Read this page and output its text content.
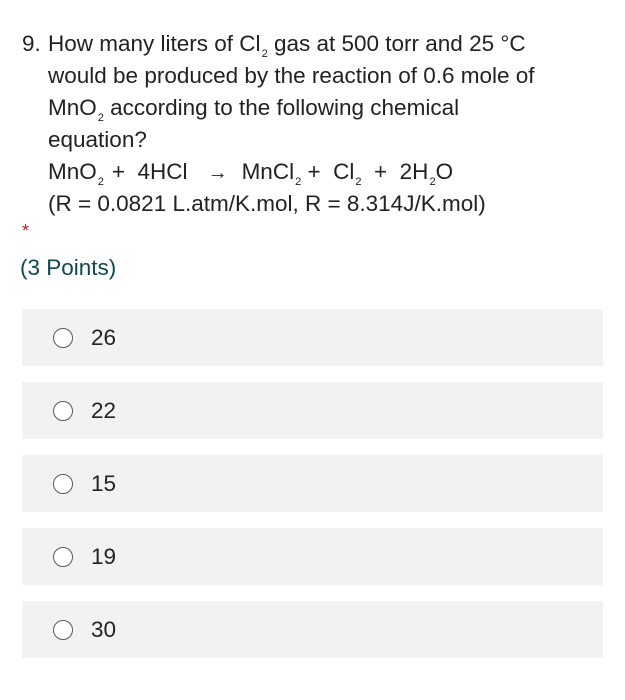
9. How many liters of $Cl_2$ gas at 500 torr and 25 °C
would be produced by the reaction of 0.6 mole of
MnO$_2$ according to the following chemical
equation?
MnO$_2$ + 4HCl → MnCl$_2$ + $Cl_2 + 2H_2O$
(R = 0.0821 L.atm/K.mol, R = 8.314J/K.mol)
*
(3 Points)
26
22
15
19
30
